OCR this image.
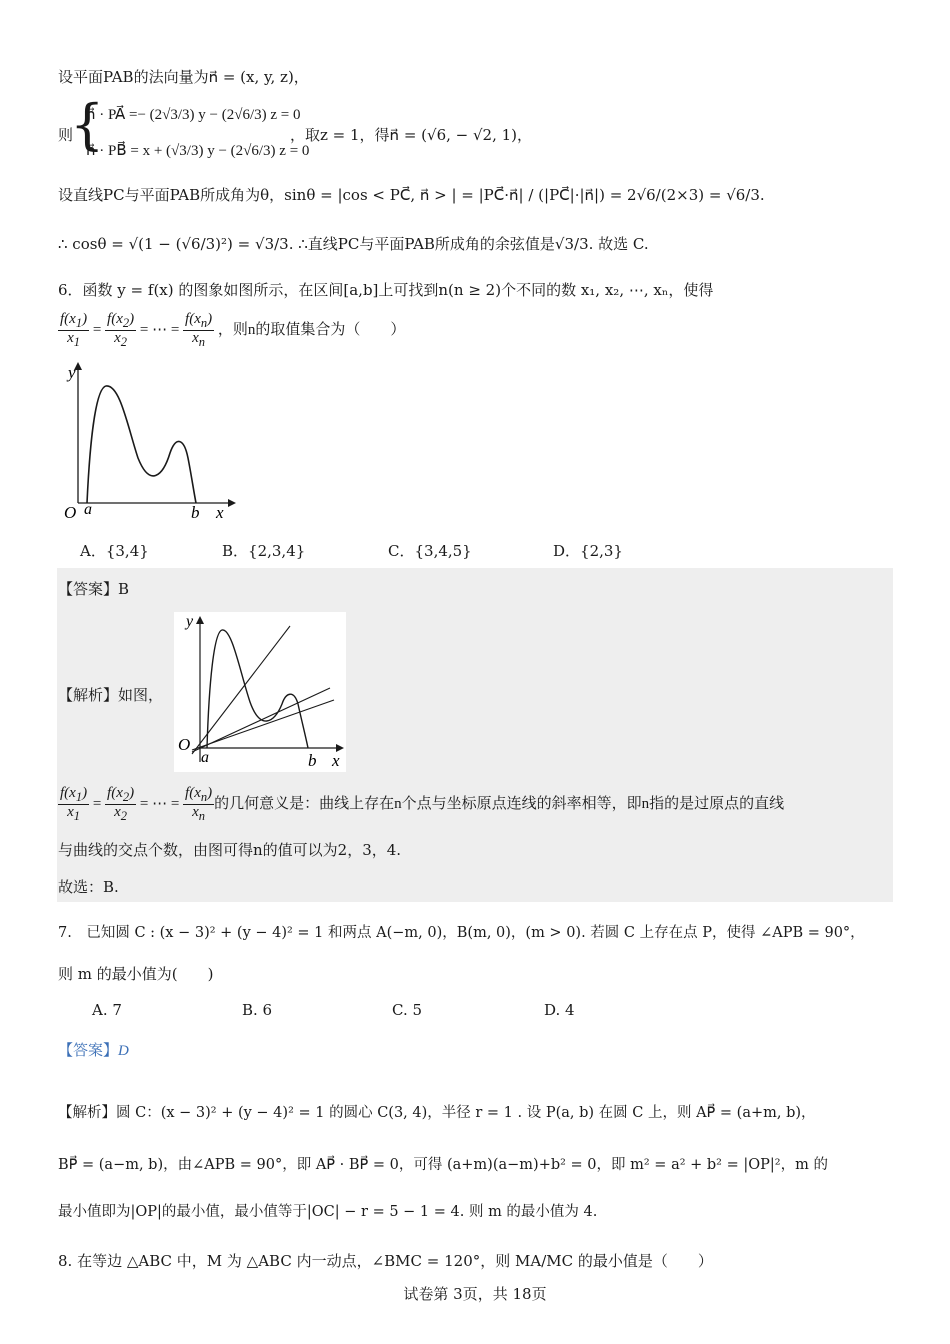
设平面PAB的法向量为n⃗ = (x, y, z)，
则
{
n⃗ · PA⃗ =− (2√3/3) y − (2√6/3) z = 0
n⃗ · PB⃗ = x + (√3/3) y − (2√6/3) z = 0
，取z = 1，得n⃗ = (√6, − √2, 1)，
设直线PC与平面PAB所成角为θ，sinθ = |cos < PC⃗, n⃗ > | = |PC⃗·n⃗| / (|PC⃗|·|n⃗|) = 2√6/(2×3) = √6/3.
∴ cosθ = √(1 − (√6/3)²) = √3/3. ∴直线PC与平面PAB所成角的余弦值是√3/3. 故选 C.
6．函数 y = f(x) 的图象如图所示，在区间[a,b]上可找到n(n ≥ 2)个不同的数 x₁, x₂, ⋯, xₙ，使得
$\frac{f(x_1)}{x_1} = \frac{f(x_2)}{x_2}$ = ⋯ = $\frac{f(x_n)}{x_n}$ ，则n的取值集合为（　　）
y
O a	b x
A．{3,4}	B．{2,3,4}	C．{3,4,5}	D．{2,3}
【答案】B
【解析】如图，
y
O
a	b x
$\frac{f(x_1)}{x_1} = \frac{f(x_2)}{x_2}$ = ⋯ = $\frac{f(x_n)}{x_n}$ 的几何意义是：曲线上存在n个点与坐标原点连线的斜率相等，即n指的是过原点的直线
与曲线的交点个数，由图可得n的值可以为2，3，4.
故选：B.
7.　已知圆 C : (x − 3)² + (y − 4)² = 1 和两点 A(−m, 0)，B(m, 0)，(m > 0). 若圆 C 上存在点 P，使得 ∠APB = 90°，
则 m 的最小值为(　　)
A. 7	B. 6	C. 5	D. 4
【答案】D
【解析】圆 C：(x − 3)² + (y − 4)² = 1 的圆心 C(3, 4)，半径 r = 1 . 设 P(a, b) 在圆 C 上，则 AP⃗ = (a+m, b)，
BP⃗ = (a−m, b)，由∠APB = 90°，即 AP⃗ · BP⃗ = 0，可得 (a+m)(a−m)+b² = 0，即 m² = a² + b² = |OP|²，m 的
最小值即为|OP|的最小值，最小值等于|OC| − r = 5 − 1 = 4. 则 m 的最小值为 4.
8. 在等边 △ABC 中，M 为 △ABC 内一动点，∠BMC = 120°，则 MA/MC 的最小值是（　　）
试卷第 3页，共 18页
